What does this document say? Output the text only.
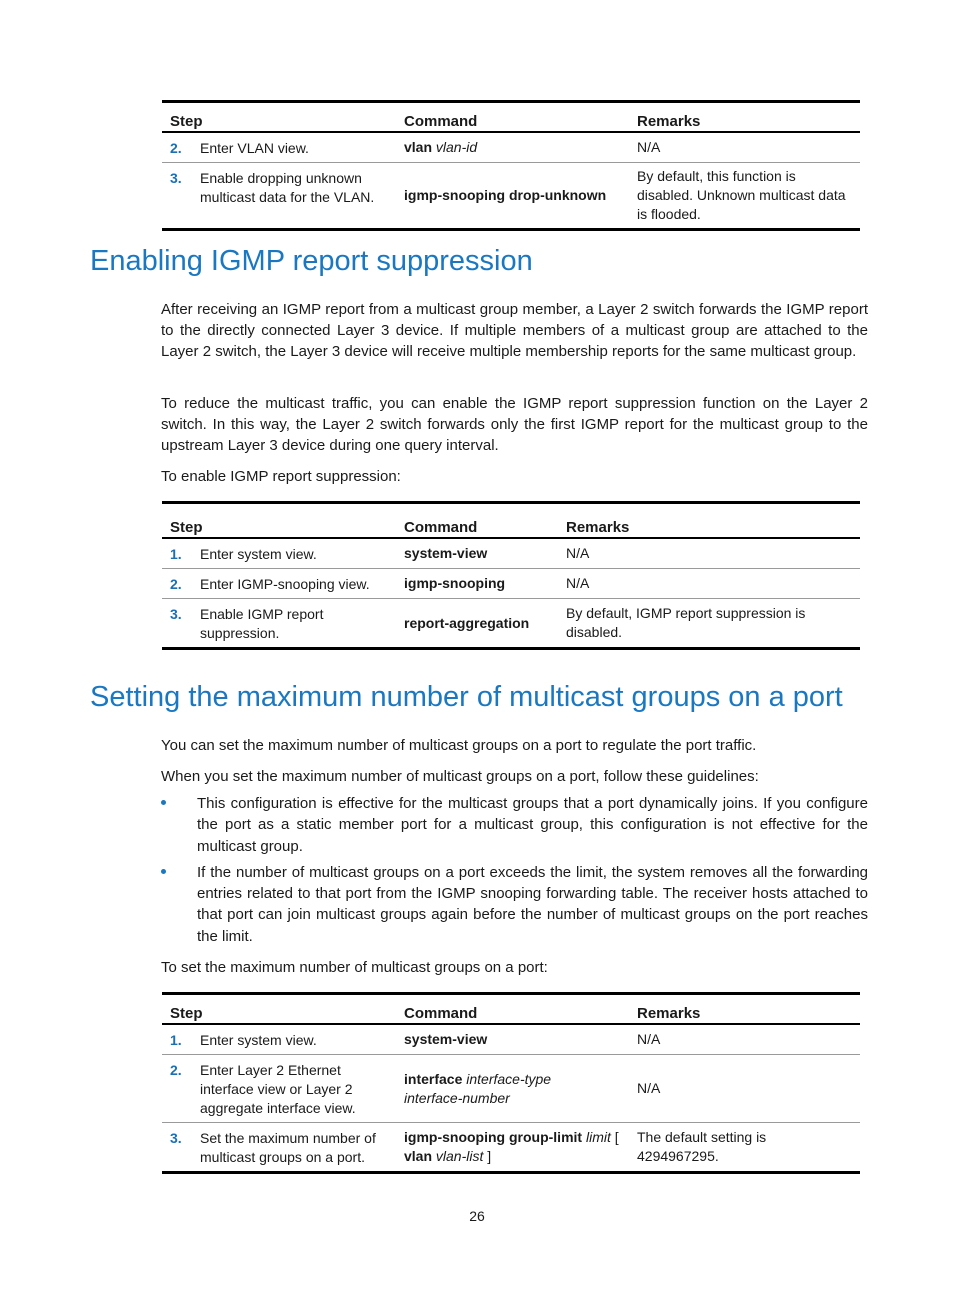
Step		Command	Remarks
2.	Enter VLAN view.	vlan vlan-id	N/A
3.	Enable dropping unknown multicast data for the VLAN.	igmp-snooping drop-unknown	By default, this function is disabled. Unknown multicast data is flooded.
Enabling IGMP report suppression

After receiving an IGMP report from a multicast group member, a Layer 2 switch forwards the IGMP report to the directly connected Layer 3 device. If multiple members of a multicast group are attached to the Layer 2 switch, the Layer 3 device will receive multiple membership reports for the same multicast group.

To reduce the multicast traffic, you can enable the IGMP report suppression function on the Layer 2 switch. In this way, the Layer 2 switch forwards only the first IGMP report for the multicast group to the upstream Layer 3 device during one query interval.

To enable IGMP report suppression:

Step		Command	Remarks
1.	Enter system view.	system-view	N/A
2.	Enter IGMP-snooping view.	igmp-snooping	N/A
3.	Enable IGMP report suppression.	report-aggregation	By default, IGMP report suppression is disabled.
Setting the maximum number of multicast groups on a port

You can set the maximum number of multicast groups on a port to regulate the port traffic.

When you set the maximum number of multicast groups on a port, follow these guidelines:

This configuration is effective for the multicast groups that a port dynamically joins. If you configure the port as a static member port for a multicast group, this configuration is not effective for the multicast group.
If the number of multicast groups on a port exceeds the limit, the system removes all the forwarding entries related to that port from the IGMP snooping forwarding table. The receiver hosts attached to that port can join multicast groups again before the number of multicast groups on the port reaches the limit.

To set the maximum number of multicast groups on a port:

Step		Command	Remarks
1.	Enter system view.	system-view	N/A
2.	Enter Layer 2 Ethernet interface view or Layer 2 aggregate interface view.	interface interface-type interface-number	N/A
3.	Set the maximum number of multicast groups on a port.	igmp-snooping group-limit limit [ vlan vlan-list ]	The default setting is 4294967295.
26
